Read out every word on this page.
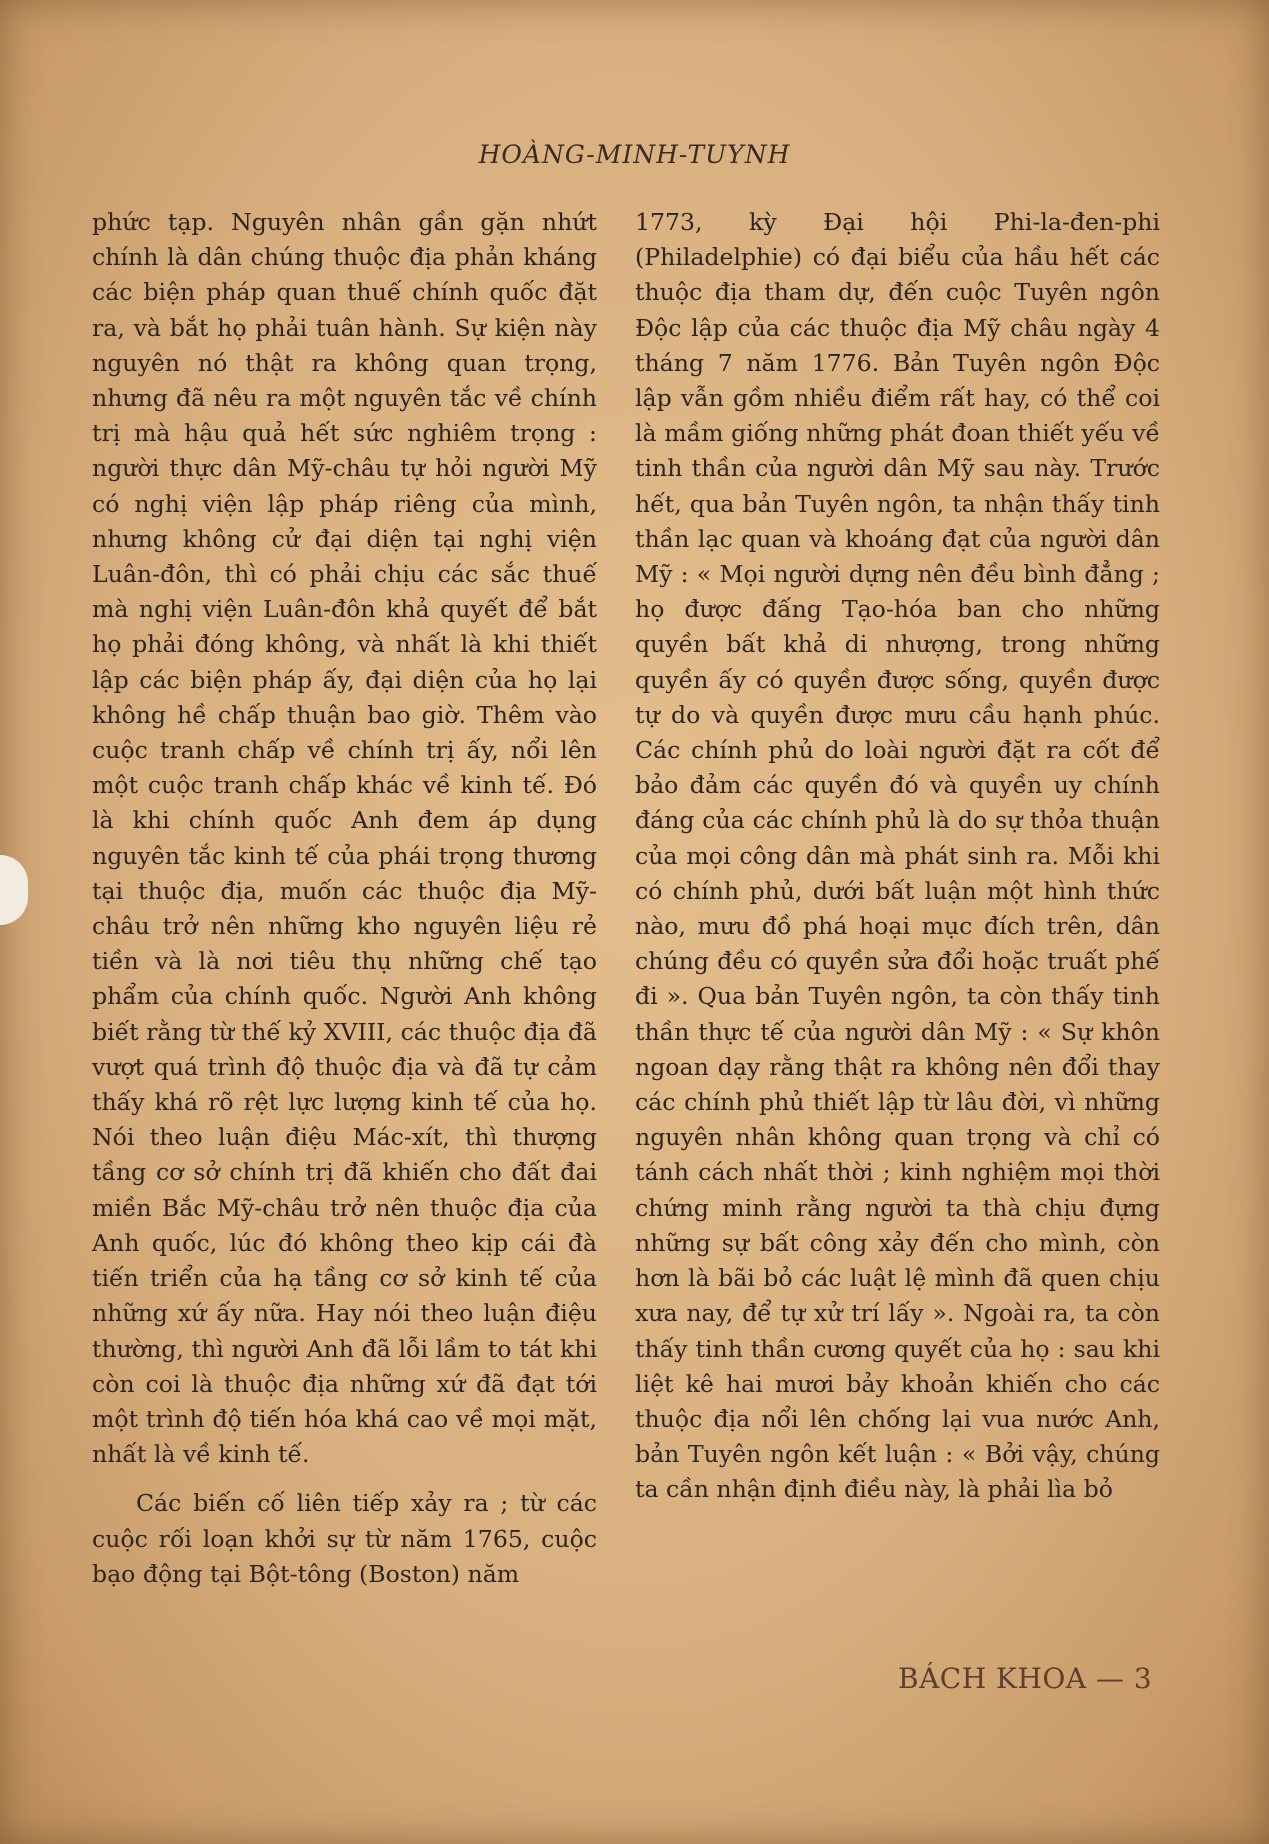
HOÀNG-MINH-TUYNH

phức tạp. Nguyên nhân gần gặn nhứt chính là dân chúng thuộc địa phản kháng các biện pháp quan thuế chính quốc đặt ra, và bắt họ phải tuân hành. Sự kiện này nguyên nó thật ra không quan trọng, nhưng đã nêu ra một nguyên tắc về chính trị mà hậu quả hết sức nghiêm trọng : người thực dân Mỹ-châu tự hỏi người Mỹ có nghị viện lập pháp riêng của mình, nhưng không cử đại diện tại nghị viện Luân-đôn, thì có phải chịu các sắc thuế mà nghị viện Luân-đôn khả quyết để bắt họ phải đóng không, và nhất là khi thiết lập các biện pháp ấy, đại diện của họ lại không hề chấp thuận bao giờ. Thêm vào cuộc tranh chấp về chính trị ấy, nổi lên một cuộc tranh chấp khác về kinh tế. Đó là khi chính quốc Anh đem áp dụng nguyên tắc kinh tế của phái trọng thương tại thuộc địa, muốn các thuộc địa Mỹ-châu trở nên những kho nguyên liệu rẻ tiền và là nơi tiêu thụ những chế tạo phẩm của chính quốc. Người Anh không biết rằng từ thế kỷ XVIII, các thuộc địa đã vượt quá trình độ thuộc địa và đã tự cảm thấy khá rõ rệt lực lượng kinh tế của họ. Nói theo luận điệu Mác-xít, thì thượng tầng cơ sở chính trị đã khiến cho đất đai miền Bắc Mỹ-châu trở nên thuộc địa của Anh quốc, lúc đó không theo kịp cái đà tiến triển của hạ tầng cơ sở kinh tế của những xứ ấy nữa. Hay nói theo luận điệu thường, thì người Anh đã lỗi lầm to tát khi còn coi là thuộc địa những xứ đã đạt tới một trình độ tiến hóa khá cao về mọi mặt, nhất là về kinh tế.

Các biến cố liên tiếp xảy ra ; từ các cuộc rối loạn khởi sự từ năm 1765, cuộc bạo động tại Bột-tông (Boston) năm

1773, kỳ Đại hội Phi-la-đen-phi (Philadelphie) có đại biểu của hầu hết các thuộc địa tham dự, đến cuộc Tuyên ngôn Độc lập của các thuộc địa Mỹ châu ngày 4 tháng 7 năm 1776. Bản Tuyên ngôn Độc lập vẫn gồm nhiều điểm rất hay, có thể coi là mầm giống những phát đoan thiết yếu về tinh thần của người dân Mỹ sau này. Trước hết, qua bản Tuyên ngôn, ta nhận thấy tinh thần lạc quan và khoáng đạt của người dân Mỹ : « Mọi người dựng nên đều bình đẳng ; họ được đấng Tạo-hóa ban cho những quyền bất khả di nhượng, trong những quyền ấy có quyền được sống, quyền được tự do và quyền được mưu cầu hạnh phúc. Các chính phủ do loài người đặt ra cốt để bảo đảm các quyền đó và quyền uy chính đáng của các chính phủ là do sự thỏa thuận của mọi công dân mà phát sinh ra. Mỗi khi có chính phủ, dưới bất luận một hình thức nào, mưu đồ phá hoại mục đích trên, dân chúng đều có quyền sửa đổi hoặc truất phế đi ». Qua bản Tuyên ngôn, ta còn thấy tinh thần thực tế của người dân Mỹ : « Sự khôn ngoan dạy rằng thật ra không nên đổi thay các chính phủ thiết lập từ lâu đời, vì những nguyên nhân không quan trọng và chỉ có tánh cách nhất thời ; kinh nghiệm mọi thời chứng minh rằng người ta thà chịu đựng những sự bất công xảy đến cho mình, còn hơn là bãi bỏ các luật lệ mình đã quen chịu xưa nay, để tự xử trí lấy ». Ngoài ra, ta còn thấy tinh thần cương quyết của họ : sau khi liệt kê hai mươi bảy khoản khiến cho các thuộc địa nổi lên chống lại vua nước Anh, bản Tuyên ngôn kết luận : « Bởi vậy, chúng ta cần nhận định điều này, là phải lìa bỏ

BÁCH KHOA — 3
